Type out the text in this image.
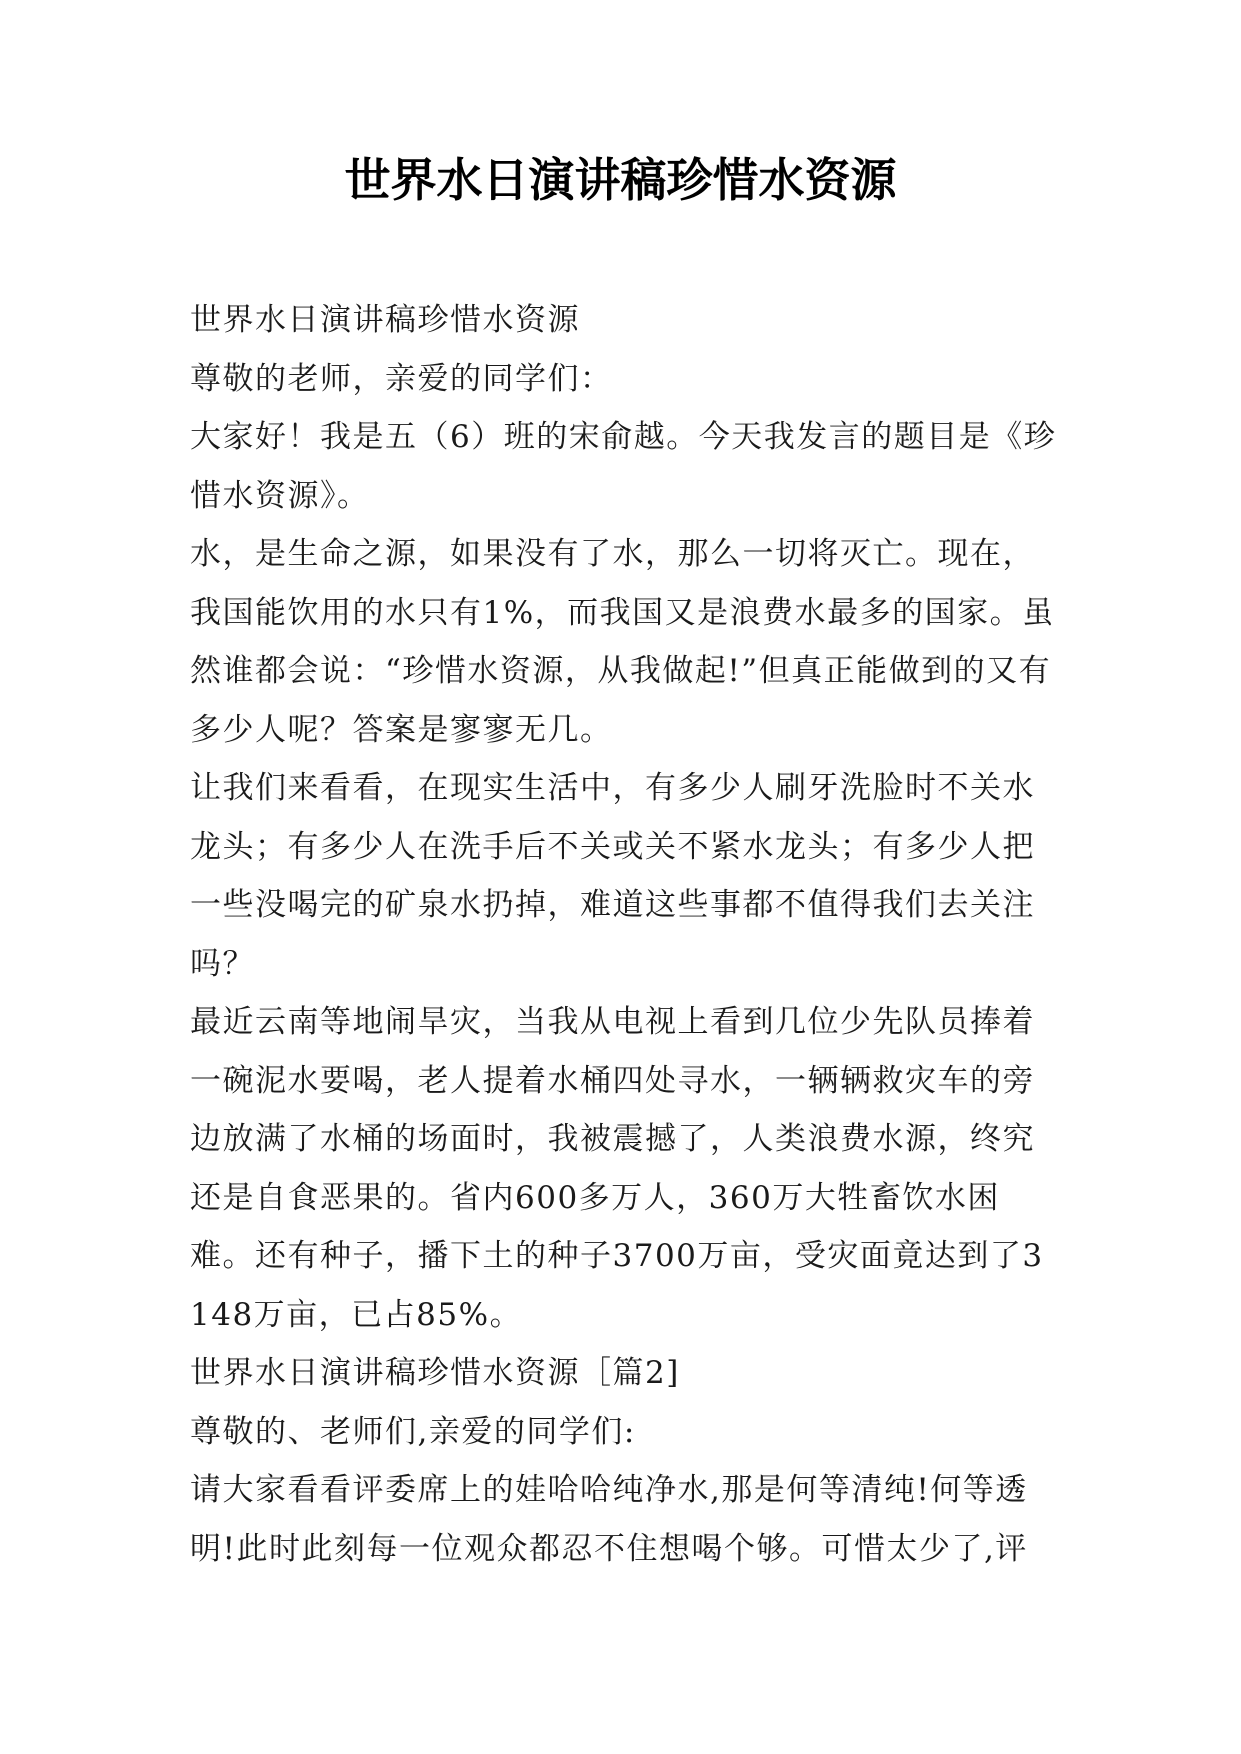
世界水日演讲稿珍惜水资源

世界水日演讲稿珍惜水资源

尊敬的老师，亲爱的同学们：

大家好！我是五（6）班的宋俞越。今天我发言的题目是《珍惜水资源》。

水，是生命之源，如果没有了水，那么一切将灭亡。现在，我国能饮用的水只有1%，而我国又是浪费水最多的国家。虽然谁都会说：“珍惜水资源，从我做起!”但真正能做到的又有多少人呢？答案是寥寥无几。

让我们来看看，在现实生活中，有多少人刷牙洗脸时不关水龙头；有多少人在洗手后不关或关不紧水龙头；有多少人把一些没喝完的矿泉水扔掉，难道这些事都不值得我们去关注吗？

最近云南等地闹旱灾，当我从电视上看到几位少先队员捧着一碗泥水要喝，老人提着水桶四处寻水，一辆辆救灾车的旁边放满了水桶的场面时，我被震撼了，人类浪费水源，终究还是自食恶果的。省内600多万人，360万大牲畜饮水困难。还有种子，播下土的种子3700万亩，受灾面竟达到了3148万亩，已占85%。

世界水日演讲稿珍惜水资源［篇2]

尊敬的、老师们,亲爱的同学们:

请大家看看评委席上的娃哈哈纯净水,那是何等清纯!何等透明!此时此刻每一位观众都忍不住想喝个够。可惜太少了,评
